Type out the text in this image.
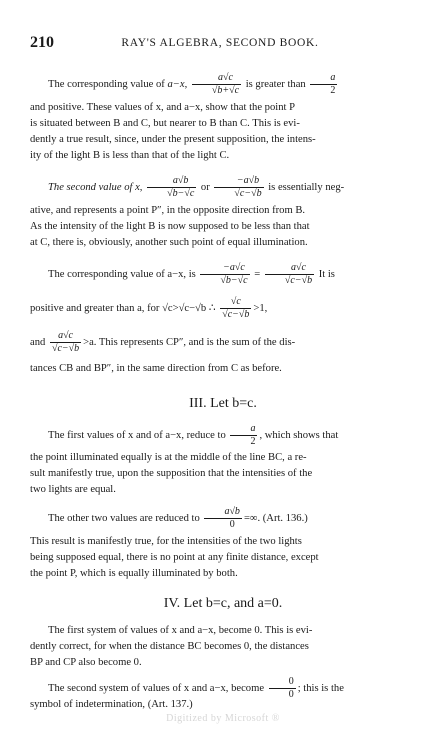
210	RAY'S ALGEBRA, SECOND BOOK.
The corresponding value of a−x, $\frac{a√c}{√b+√c}$ is greater than $\frac{a}{2}$
and positive. These values of x, and a−x, show that the point P
is situated between B and C, but nearer to B than C. This is evi-
dently a true result, since, under the present supposition, the intens-
ity of the light B is less than that of the light C.
The second value of x, $\frac{a√b}{√b-√c}$ or $\frac{-a√b}{√c-√b}$ is essentially neg-
ative, and represents a point P″, in the opposite direction from B.
As the intensity of the light B is now supposed to be less than that
at C, there is, obviously, another such point of equal illumination.
The corresponding value of a−x, is $\frac{-a√c}{√b-√c} = \frac{a√c}{√c-√b}$ It is
positive and greater than a, for √c>√c−√b ∴ $\frac{√c}{√c-√b} >1$,
and $\frac{a√c}{√c-√b} >a$. This represents CP″, and is the sum of the dis-
tances CB and BP″, in the same direction from C as before.
III. Let b=c.
The first values of x and of a−x, reduce to $\frac{a}{2}$ , which shows that
the point illuminated equally is at the middle of the line BC, a re-
sult manifestly true, upon the supposition that the intensities of the
two lights are equal.
The other two values are reduced to $\frac{a√b}{0}$ =∞. (Art. 136.)
This result is manifestly true, for the intensities of the two lights
being supposed equal, there is no point at any finite distance, except
the point P, which is equally illuminated by both.
IV. Let b=c, and a=0.
The first system of values of x and a−x, become 0. This is evi-
dently correct, for when the distance BC becomes 0, the distances
BP and CP also become 0.
The second system of values of x and a−x, become $\frac{0}{0}$ ; this is the
symbol of indetermination, (Art. 137.)
Digitized by Microsoft ®
